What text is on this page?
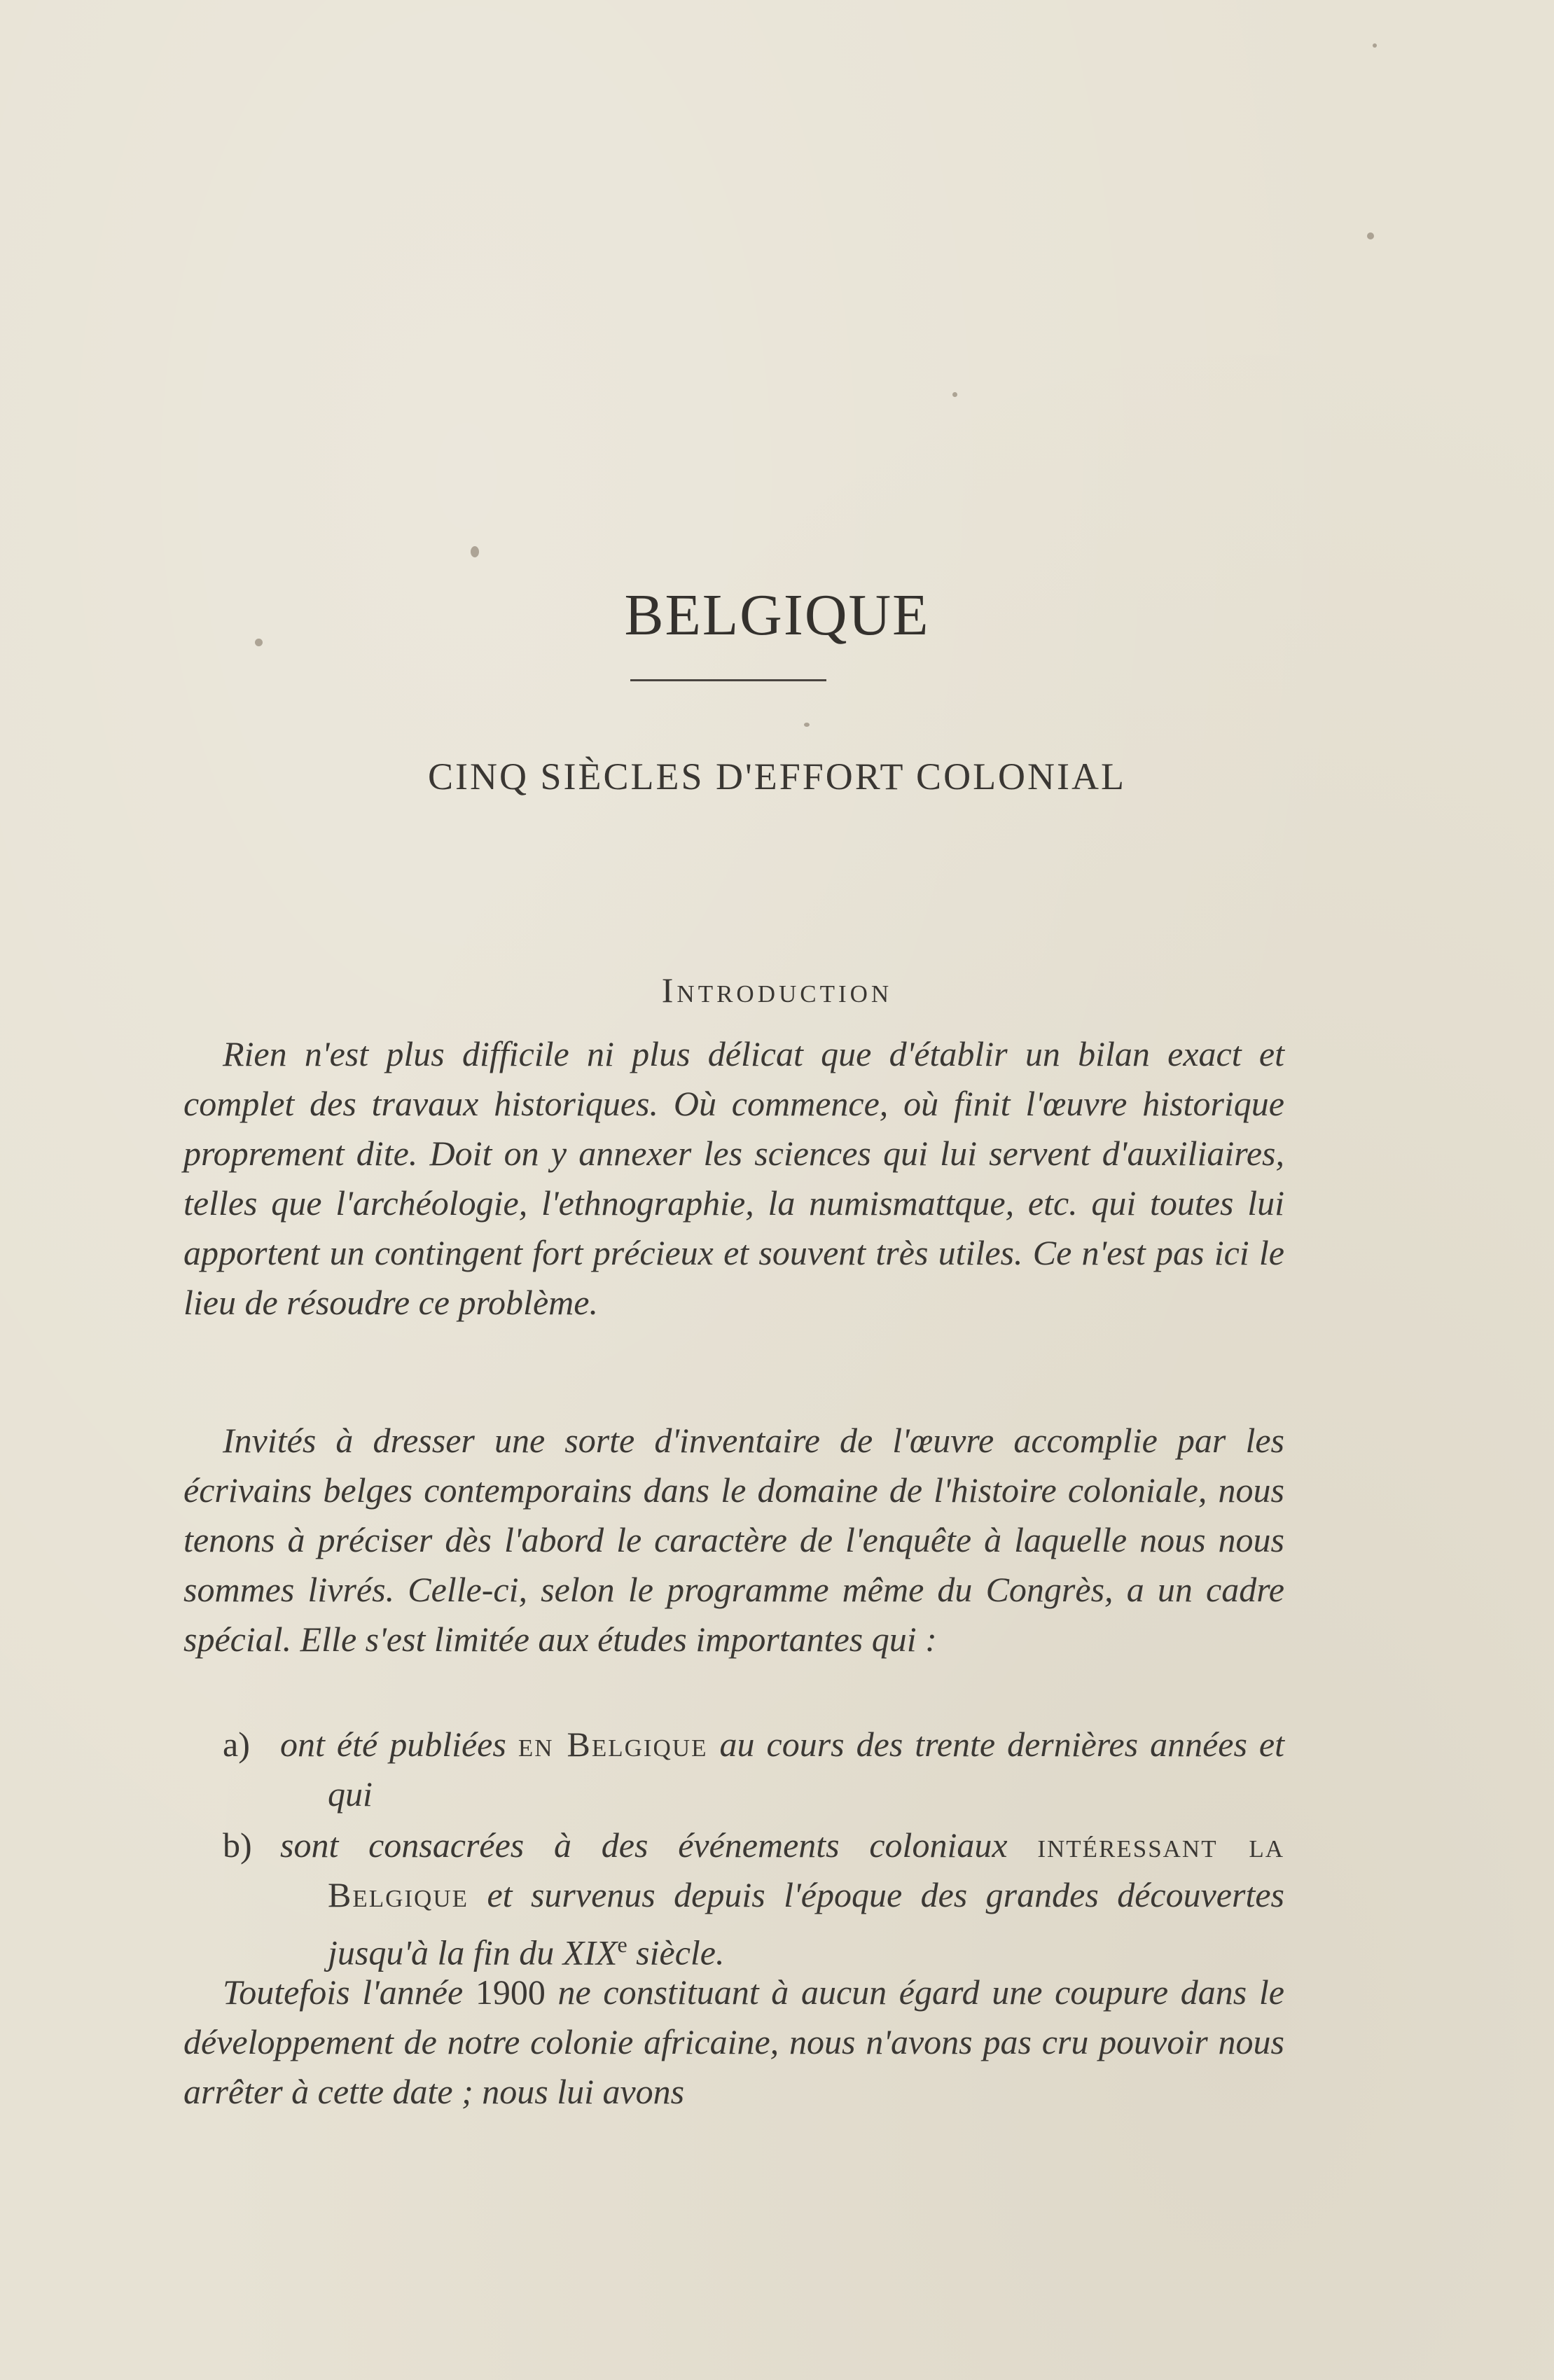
BELGIQUE
CINQ SIÈCLES D'EFFORT COLONIAL
Introduction

Rien n'est plus difficile ni plus délicat que d'établir un bilan exact et complet des travaux historiques. Où commence, où finit l'œuvre historique proprement dite. Doit on y annexer les sciences qui lui servent d'auxiliaires, telles que l'archéologie, l'ethnographie, la numismattque, etc. qui toutes lui apportent un contingent fort précieux et souvent très utiles. Ce n'est pas ici le lieu de résoudre ce problème.

Invités à dresser une sorte d'inventaire de l'œuvre accomplie par les écrivains belges contemporains dans le domaine de l'histoire coloniale, nous tenons à préciser dès l'abord le caractère de l'enquête à laquelle nous nous sommes livrés. Celle-ci, selon le programme même du Congrès, a un cadre spécial. Elle s'est limitée aux études importantes qui :

a) ont été publiées en Belgique au cours des trente dernières années et qui
b) sont consacrées à des événements coloniaux intéressant la Belgique et survenus depuis l'époque des grandes découvertes jusqu'à la fin du XIXe siècle.

Toutefois l'année 1900 ne constituant à aucun égard une coupure dans le développement de notre colonie africaine, nous n'avons pas cru pouvoir nous arrêter à cette date ; nous lui avons
